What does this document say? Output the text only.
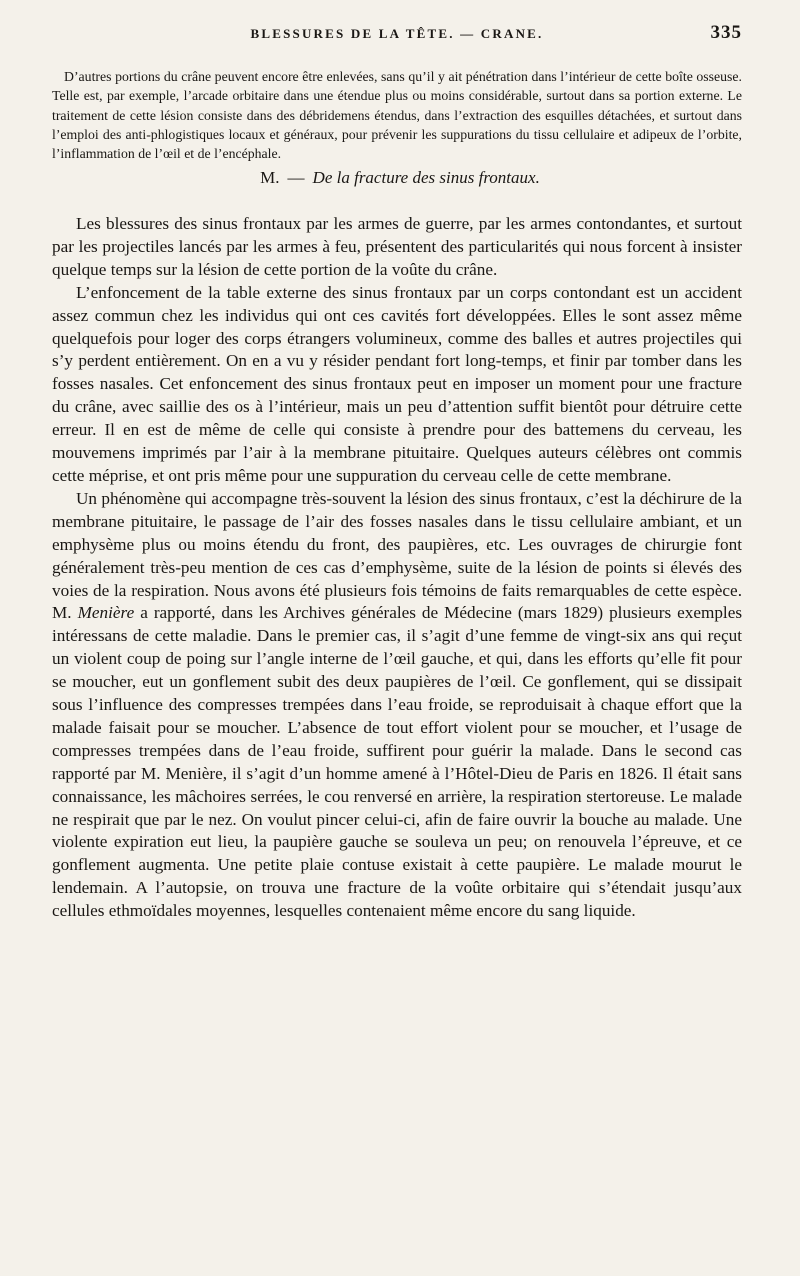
BLESSURES DE LA TÊTE. — CRANE.	335

D’autres portions du crâne peuvent encore être enlevées, sans qu’il y ait pénétration dans l’intérieur de cette boîte osseuse. Telle est, par exemple, l’arcade orbitaire dans une étendue plus ou moins considérable, surtout dans sa portion externe. Le traitement de cette lésion consiste dans des débridemens étendus, dans l’extraction des esquilles détachées, et surtout dans l’emploi des anti-phlogistiques locaux et généraux, pour prévenir les suppurations du tissu cellulaire et adipeux de l’orbite, l’inflammation de l’œil et de l’encéphale.

M. — De la fracture des sinus frontaux.

Les blessures des sinus frontaux par les armes de guerre, par les armes contondantes, et surtout par les projectiles lancés par les armes à feu, présentent des particularités qui nous forcent à insister quelque temps sur la lésion de cette portion de la voûte du crâne.

L’enfoncement de la table externe des sinus frontaux par un corps contondant est un accident assez commun chez les individus qui ont ces cavités fort développées. Elles le sont assez même quelquefois pour loger des corps étrangers volumineux, comme des balles et autres projectiles qui s’y perdent entièrement. On en a vu y résider pendant fort long-temps, et finir par tomber dans les fosses nasales. Cet enfoncement des sinus frontaux peut en imposer un moment pour une fracture du crâne, avec saillie des os à l’intérieur, mais un peu d’attention suffit bientôt pour détruire cette erreur. Il en est de même de celle qui consiste à prendre pour des battemens du cerveau, les mouvemens imprimés par l’air à la membrane pituitaire. Quelques auteurs célèbres ont commis cette méprise, et ont pris même pour une suppuration du cerveau celle de cette membrane.

Un phénomène qui accompagne très-souvent la lésion des sinus frontaux, c’est la déchirure de la membrane pituitaire, le passage de l’air des fosses nasales dans le tissu cellulaire ambiant, et un emphysème plus ou moins étendu du front, des paupières, etc. Les ouvrages de chirurgie font généralement très-peu mention de ces cas d’emphysème, suite de la lésion de points si élevés des voies de la respiration. Nous avons été plusieurs fois témoins de faits remarquables de cette espèce. M. Menière a rapporté, dans les Archives générales de Médecine (mars 1829) plusieurs exemples intéressans de cette maladie. Dans le premier cas, il s’agit d’une femme de vingt-six ans qui reçut un violent coup de poing sur l’angle interne de l’œil gauche, et qui, dans les efforts qu’elle fit pour se moucher, eut un gonflement subit des deux paupières de l’œil. Ce gonflement, qui se dissipait sous l’influence des compresses trempées dans l’eau froide, se reproduisait à chaque effort que la malade faisait pour se moucher. L’absence de tout effort violent pour se moucher, et l’usage de compresses trempées dans de l’eau froide, suffirent pour guérir la malade. Dans le second cas rapporté par M. Menière, il s’agit d’un homme amené à l’Hôtel-Dieu de Paris en 1826. Il était sans connaissance, les mâchoires serrées, le cou renversé en arrière, la respiration stertoreuse. Le malade ne respirait que par le nez. On voulut pincer celui-ci, afin de faire ouvrir la bouche au malade. Une violente expiration eut lieu, la paupière gauche se souleva un peu; on renouvela l’épreuve, et ce gonflement augmenta. Une petite plaie contuse existait à cette paupière. Le malade mourut le lendemain. A l’autopsie, on trouva une fracture de la voûte orbitaire qui s’étendait jusqu’aux cellules ethmoïdales moyennes, lesquelles contenaient même encore du sang liquide.
